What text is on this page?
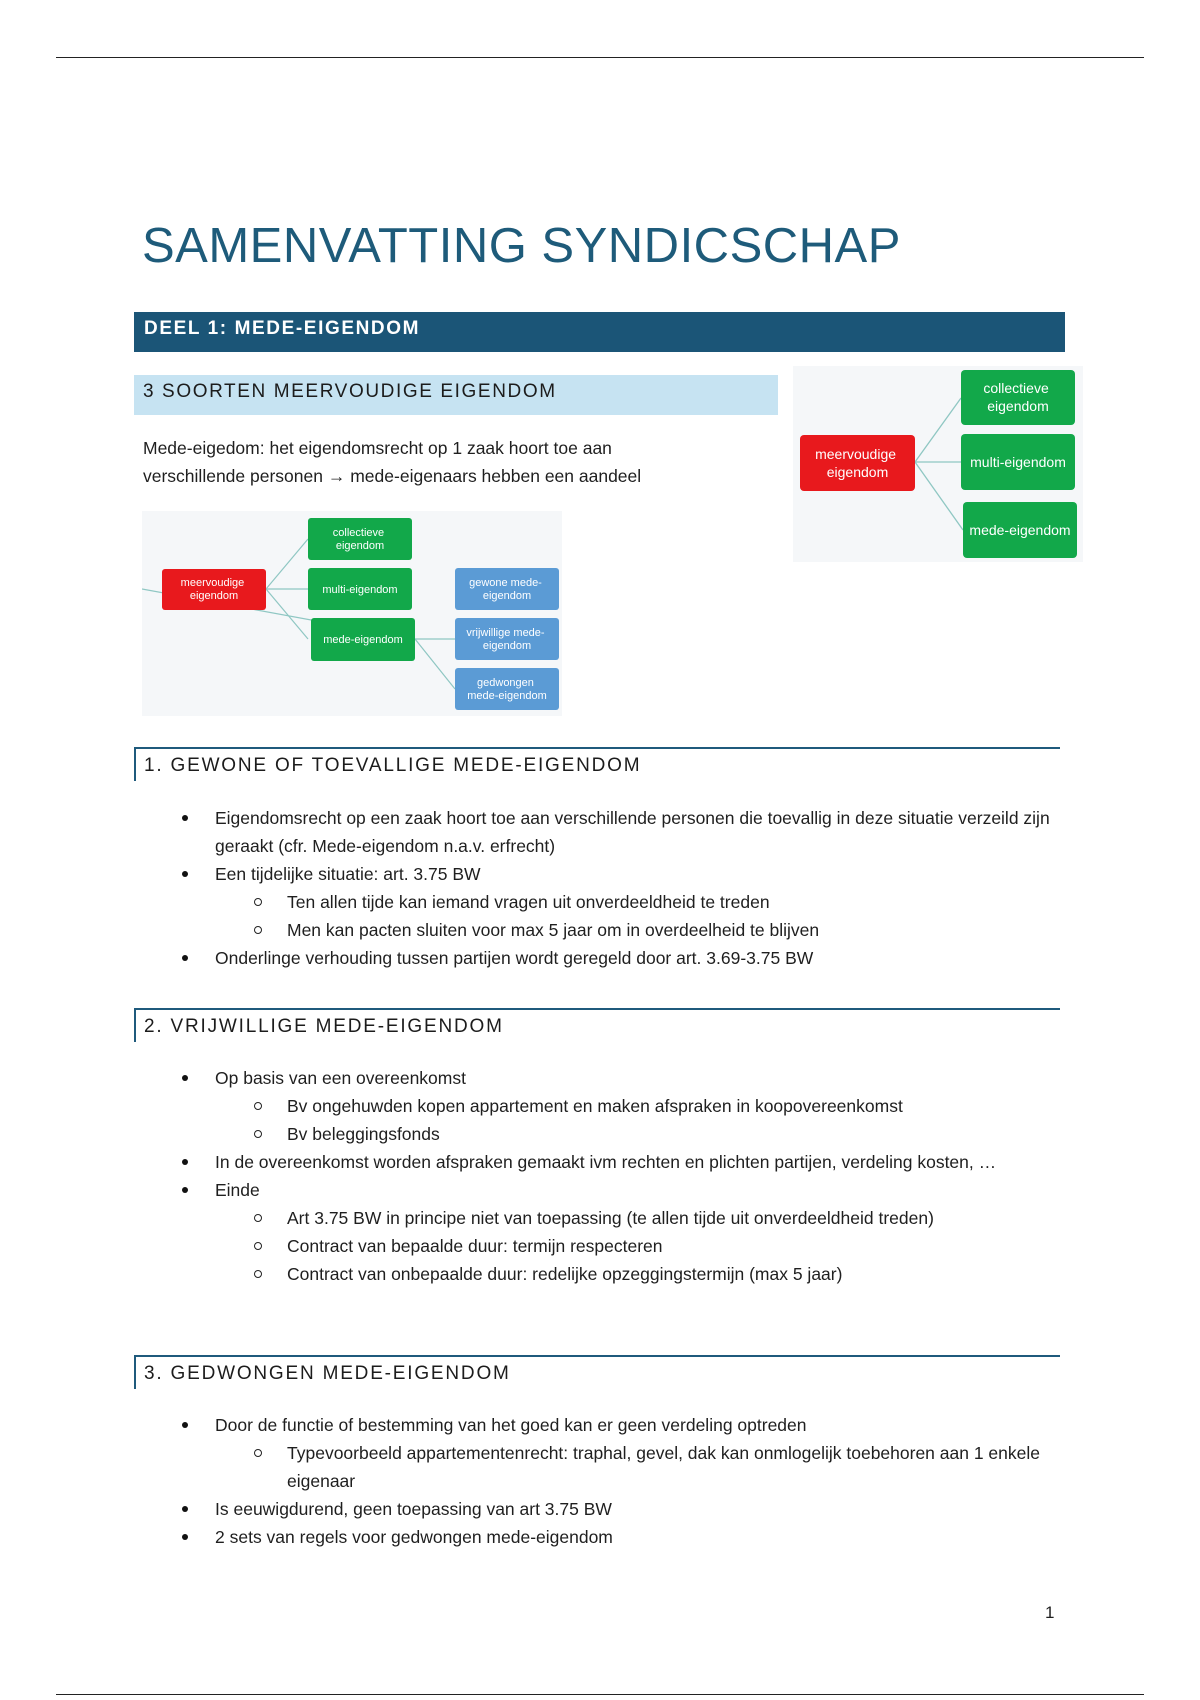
SAMENVATTING SYNDICSCHAP
DEEL 1: MEDE-EIGENDOM
3 SOORTEN MEERVOUDIGE EIGENDOM
Mede-eigedom: het eigendomsrecht op 1 zaak hoort toe aan
verschillende personen → mede-eigenaars hebben een aandeel
meervoudige eigendom
collectieve eigendom
multi-eigendom
mede-eigendom
meervoudige eigendom
collectieve eigendom
multi-eigendom
mede-eigendom
gewone mede- eigendom
vrijwillige mede- eigendom
gedwongen mede-eigendom
1. GEWONE OF TOEVALLIGE MEDE-EIGENDOM
Eigendomsrecht op een zaak hoort toe aan verschillende personen die toevallig in deze situatie verzeild zijn geraakt (cfr. Mede-eigendom n.a.v. erfrecht)
Een tijdelijke situatie: art. 3.75 BW
Ten allen tijde kan iemand vragen uit onverdeeldheid te treden
Men kan pacten sluiten voor max 5 jaar om in overdeelheid te blijven
Onderlinge verhouding tussen partijen wordt geregeld door art. 3.69-3.75 BW
2. VRIJWILLIGE MEDE-EIGENDOM
Op basis van een overeenkomst
Bv ongehuwden kopen appartement en maken afspraken in koopovereenkomst
Bv beleggingsfonds
In de overeenkomst worden afspraken gemaakt ivm rechten en plichten partijen, verdeling kosten, …
Einde
Art 3.75 BW in principe niet van toepassing (te allen tijde uit onverdeeldheid treden)
Contract van bepaalde duur: termijn respecteren
Contract van onbepaalde duur: redelijke opzeggingstermijn (max 5 jaar)
3. GEDWONGEN MEDE-EIGENDOM
Door de functie of bestemming van het goed kan er geen verdeling optreden
Typevoorbeeld appartementenrecht: traphal, gevel, dak kan onmlogelijk toebehoren aan 1 enkele eigenaar
Is eeuwigdurend, geen toepassing van art 3.75 BW
2 sets van regels voor gedwongen mede-eigendom
1
